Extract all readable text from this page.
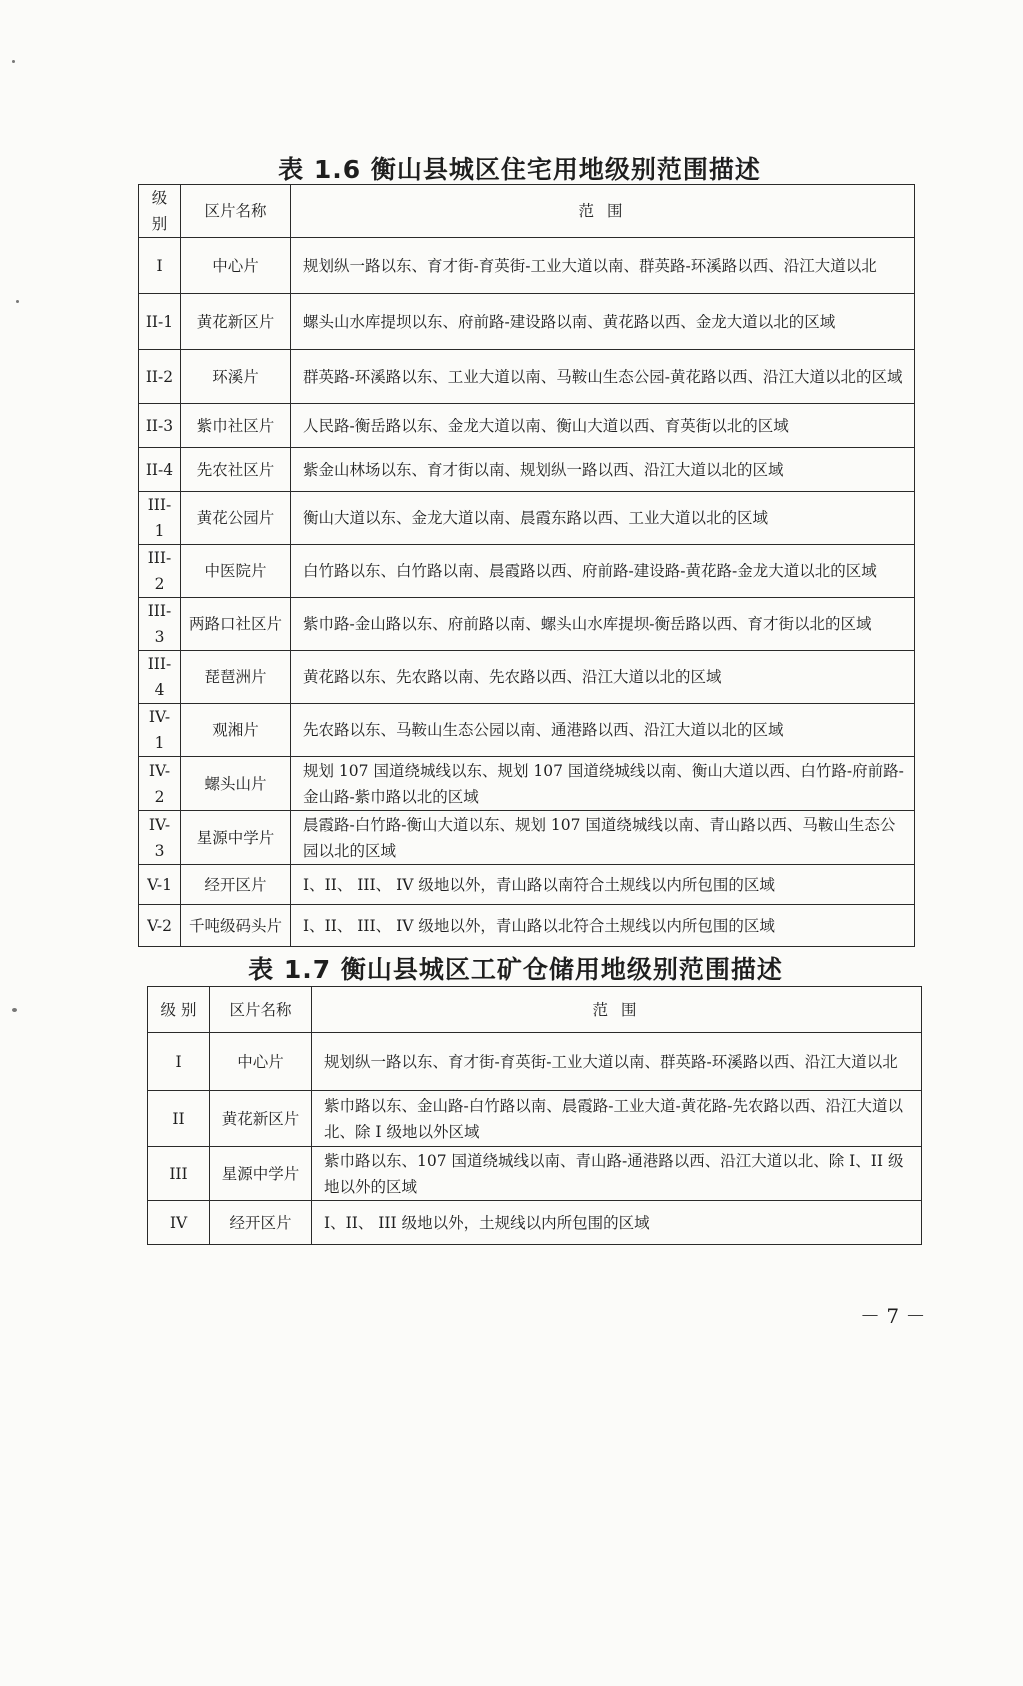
表 1.6 衡山县城区住宅用地级别范围描述
级 别	区片名称	范 围
I	中心片	规划纵一路以东、育才街-育英街-工业大道以南、群英路-环溪路以西、沿江大道以北
II-1	黄花新区片	螺头山水库提坝以东、府前路-建设路以南、黄花路以西、金龙大道以北的区域
II-2	环溪片	群英路-环溪路以东、工业大道以南、马鞍山生态公园-黄花路以西、沿江大道以北的区域
II-3	紫巾社区片	人民路-衡岳路以东、金龙大道以南、衡山大道以西、育英街以北的区域
II-4	先农社区片	紫金山林场以东、育才街以南、规划纵一路以西、沿江大道以北的区域
III-1	黄花公园片	衡山大道以东、金龙大道以南、晨霞东路以西、工业大道以北的区域
III-2	中医院片	白竹路以东、白竹路以南、晨霞路以西、府前路-建设路-黄花路-金龙大道以北的区域
III-3	两路口社区片	紫巾路-金山路以东、府前路以南、螺头山水库提坝-衡岳路以西、育才街以北的区域
III-4	琵琶洲片	黄花路以东、先农路以南、先农路以西、沿江大道以北的区域
IV-1	观湘片	先农路以东、马鞍山生态公园以南、通港路以西、沿江大道以北的区域
IV-2	螺头山片	规划 107 国道绕城线以东、规划 107 国道绕城线以南、衡山大道以西、白竹路-府前路-金山路-紫巾路以北的区域
IV-3	星源中学片	晨霞路-白竹路-衡山大道以东、规划 107 国道绕城线以南、青山路以西、马鞍山生态公园以北的区域
V-1	经开区片	I、II、 III、 IV 级地以外，青山路以南符合土规线以内所包围的区域
V-2	千吨级码头片	I、II、 III、 IV 级地以外，青山路以北符合土规线以内所包围的区域
表 1.7 衡山县城区工矿仓储用地级别范围描述
级 别	区片名称	范 围
I	中心片	规划纵一路以东、育才街-育英街-工业大道以南、群英路-环溪路以西、沿江大道以北
II	黄花新区片	紫巾路以东、金山路-白竹路以南、晨霞路-工业大道-黄花路-先农路以西、沿江大道以北、除 I 级地以外区域
III	星源中学片	紫巾路以东、107 国道绕城线以南、青山路-通港路以西、沿江大道以北、除 I、II 级地以外的区域
IV	经开区片	I、II、 III 级地以外，土规线以内所包围的区域
－ 7 －
